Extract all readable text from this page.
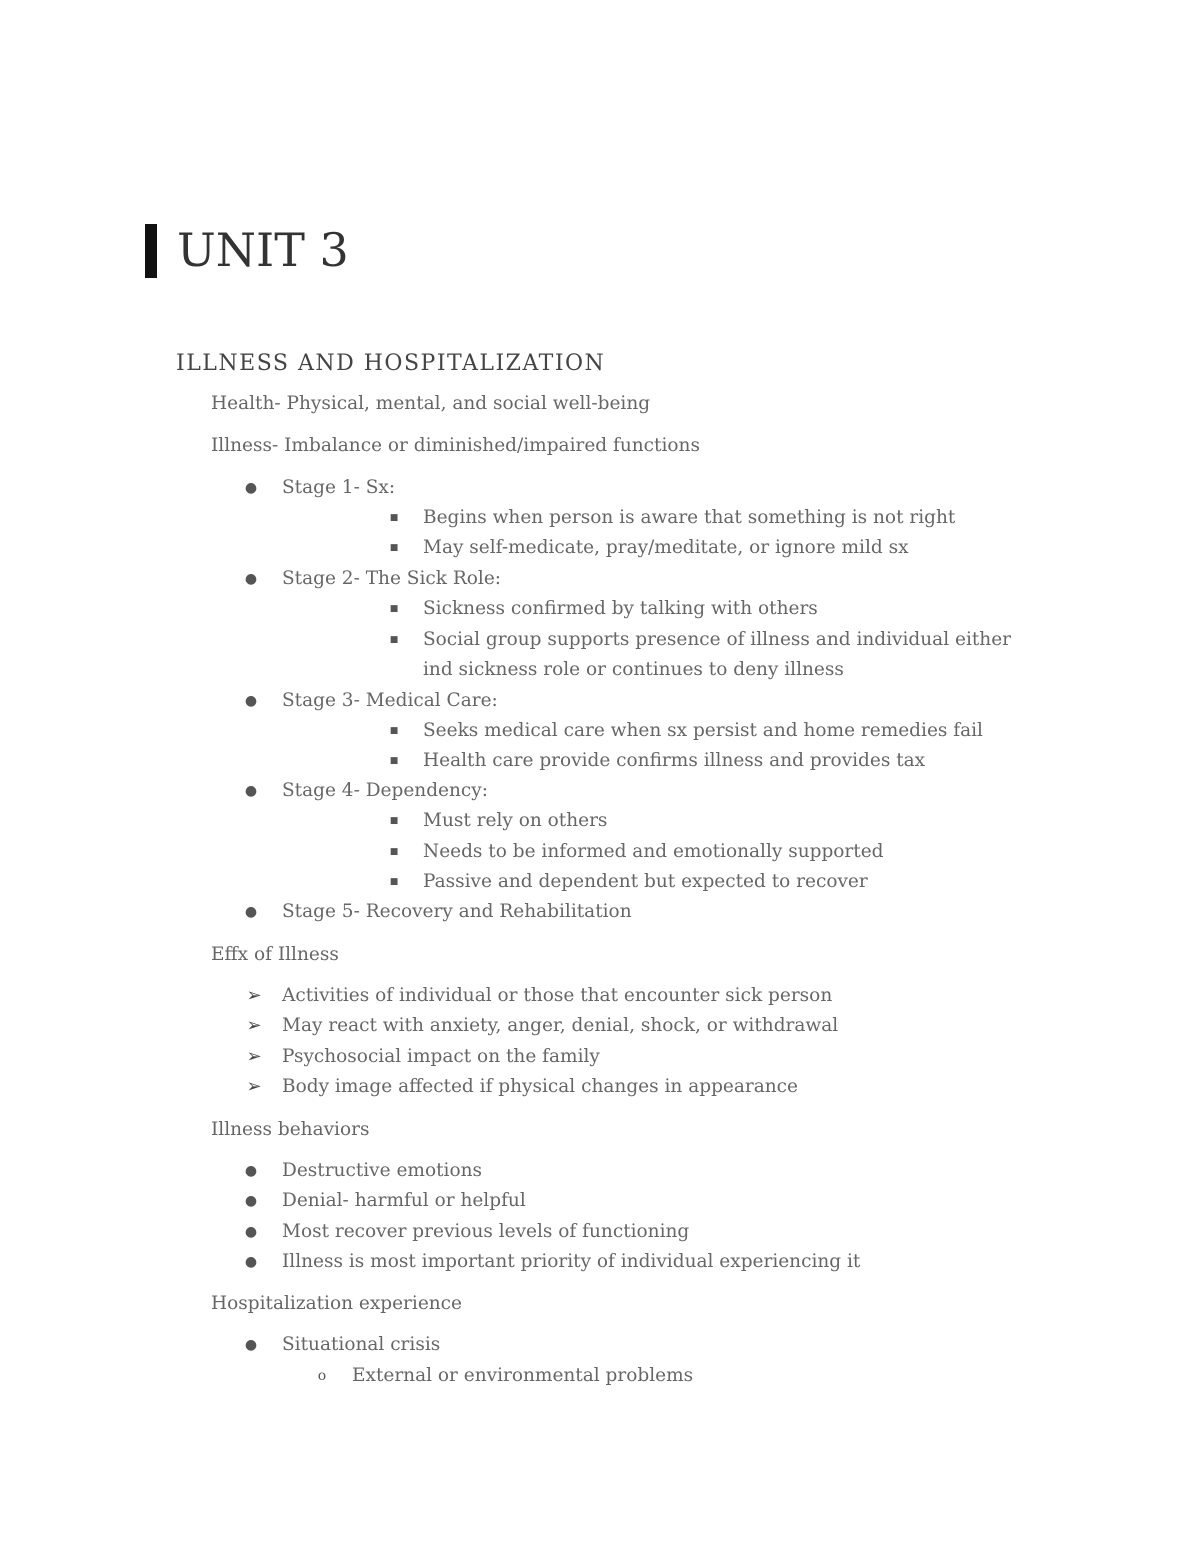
UNIT 3
ILLNESS AND HOSPITALIZATION
Health- Physical, mental, and social well-being
Illness- Imbalance or diminished/impaired functions
● Stage 1- Sx:
■ Begins when person is aware that something is not right
■ May self-medicate, pray/meditate, or ignore mild sx
● Stage 2- The Sick Role:
■ Sickness confirmed by talking with others
■ Social group supports presence of illness and individual either
ind sickness role or continues to deny illness
● Stage 3- Medical Care:
■ Seeks medical care when sx persist and home remedies fail
■ Health care provide confirms illness and provides tax
● Stage 4- Dependency:
■ Must rely on others
■ Needs to be informed and emotionally supported
■ Passive and dependent but expected to recover
● Stage 5- Recovery and Rehabilitation
Effx of Illness
➢ Activities of individual or those that encounter sick person
➢ May react with anxiety, anger, denial, shock, or withdrawal
➢ Psychosocial impact on the family
➢ Body image affected if physical changes in appearance
Illness behaviors
● Destructive emotions
● Denial- harmful or helpful
● Most recover previous levels of functioning
● Illness is most important priority of individual experiencing it
Hospitalization experience
● Situational crisis
o External or environmental problems
